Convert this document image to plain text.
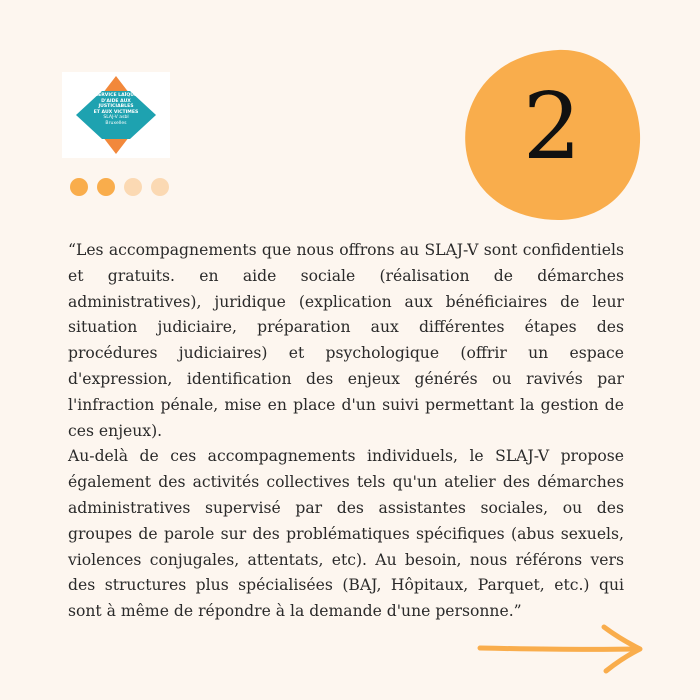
SERVICE LAÏQUE
D'AIDE AUX
JUSTICIABLES
ET AUX VICTIMES
SLAJ-V asbl
Bruxelles	2

“Les accompagnements que nous offrons au SLAJ-V sont confidentiels et gratuits. en aide sociale (réalisation de démarches administratives), juridique (explication aux bénéficiaires de leur situation judiciaire, préparation aux différentes étapes des procédures judiciaires) et psychologique (offrir un espace d'expression, identification des enjeux générés ou ravivés par l'infraction pénale, mise en place d'un suivi permettant la gestion de ces enjeux).

Au-delà de ces accompagnements individuels, le SLAJ-V propose également des activités collectives tels qu'un atelier des démarches administratives supervisé par des assistantes sociales, ou des groupes de parole sur des problématiques spécifiques (abus sexuels, violences conjugales, attentats, etc). Au besoin, nous référons vers des structures plus spécialisées (BAJ, Hôpitaux, Parquet, etc.) qui sont à même de répondre à la demande d'une personne.”
